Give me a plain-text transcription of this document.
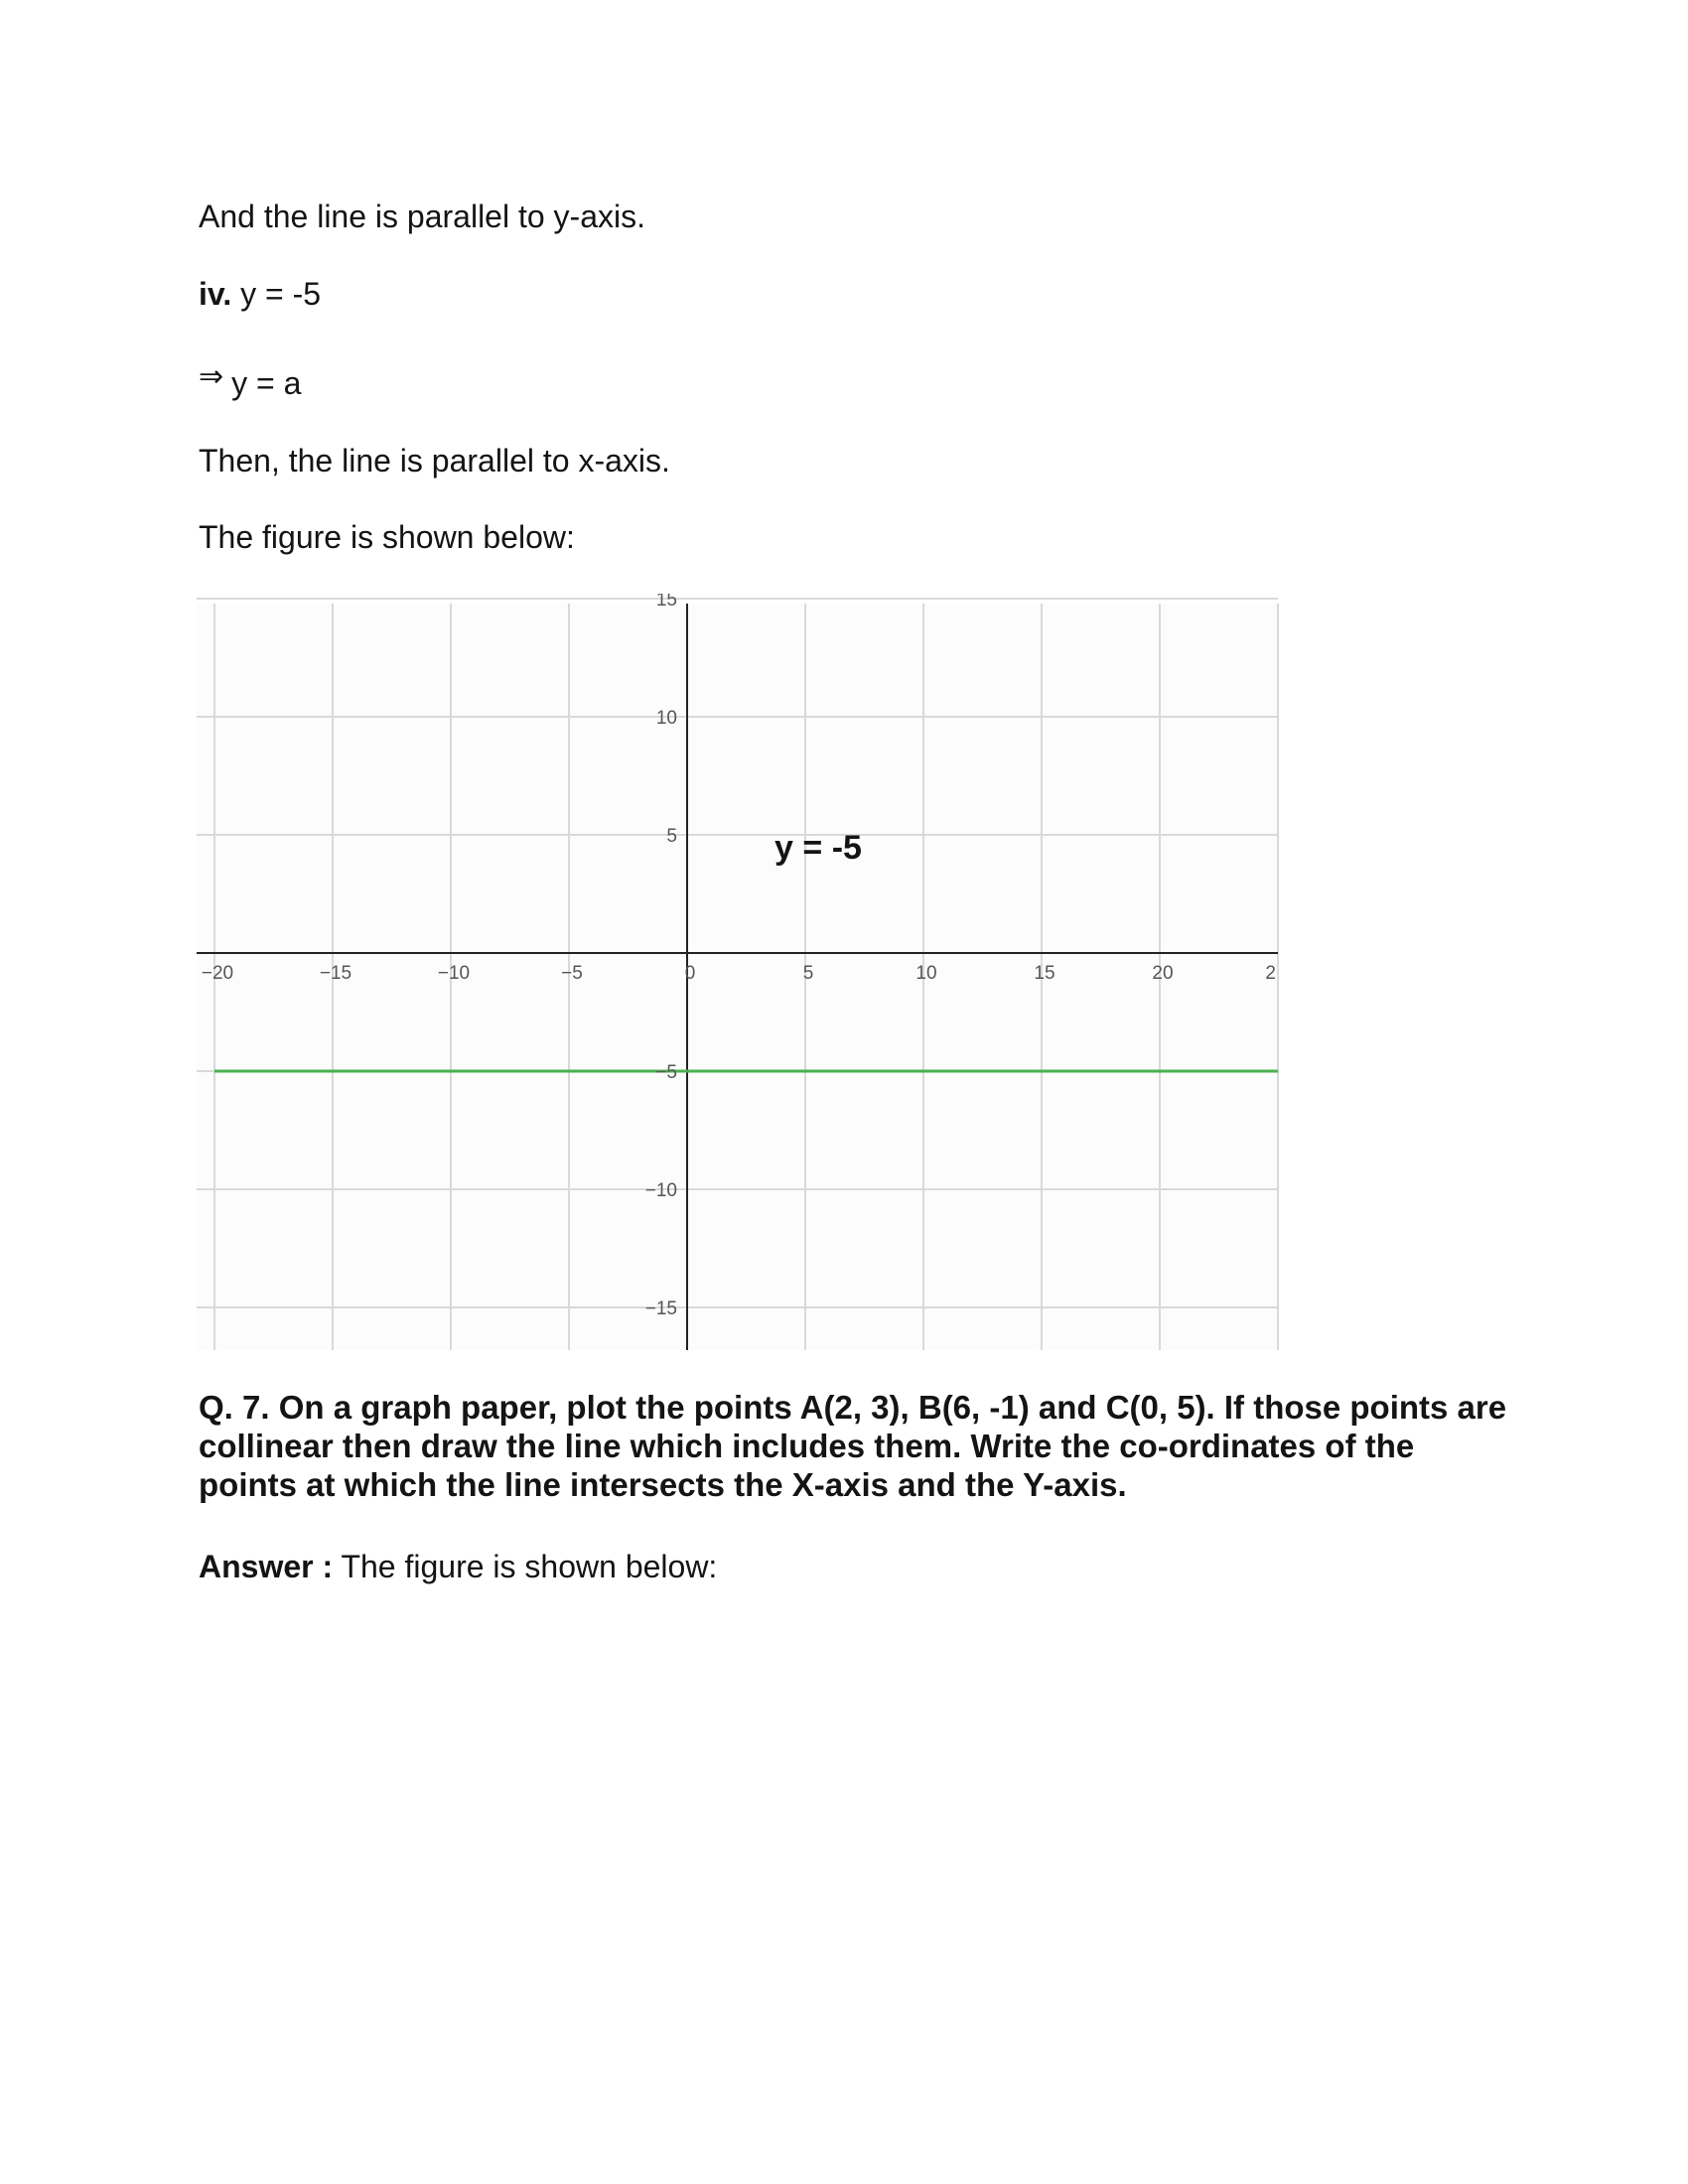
And the line is parallel to y-axis.

iv. y = -5

⇒ y = a

Then, the line is parallel to x-axis.

The figure is shown below:

−20	−15	−10	−5	0	5	10	15	20	2
15
10
5
−5
−10
−15
y = -5

Q. 7. On a graph paper, plot the points A(2, 3), B(6, -1) and C(0, 5). If those points are collinear then draw the line which includes them. Write the co-ordinates of the points at which the line intersects the X-axis and the Y-axis.

Answer : The figure is shown below:
